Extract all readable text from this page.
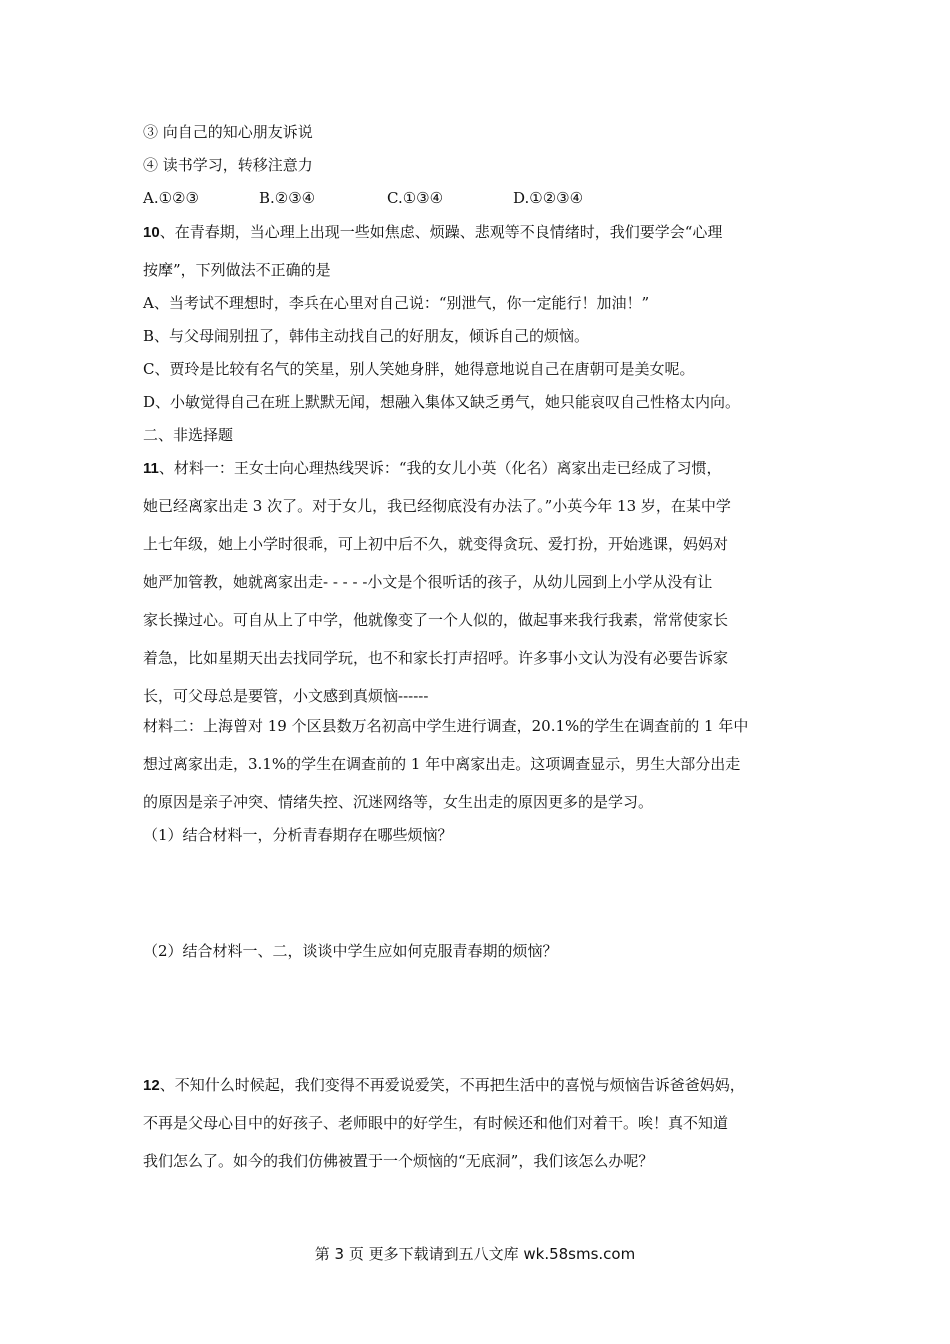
③ 向自己的知心朋友诉说

④ 读书学习，转移注意力

A.①②③	B.②③④	C.①③④	D.①②③④

10、在青春期，当心理上出现一些如焦虑、烦躁、悲观等不良情绪时，我们要学会“心理

按摩”，下列做法不正确的是

A、当考试不理想时，李兵在心里对自己说：“别泄气，你一定能行！加油！”

B、与父母闹别扭了，韩伟主动找自己的好朋友，倾诉自己的烦恼。

C、贾玲是比较有名气的笑星，别人笑她身胖，她得意地说自己在唐朝可是美女呢。

D、小敏觉得自己在班上默默无闻，想融入集体又缺乏勇气，她只能哀叹自己性格太内向。

二、非选择题

11、材料一：王女士向心理热线哭诉：“我的女儿小英（化名）离家出走已经成了习惯，

她已经离家出走 3 次了。对于女儿，我已经彻底没有办法了。”小英今年 13 岁，在某中学

上七年级，她上小学时很乖，可上初中后不久，就变得贪玩、爱打扮，开始逃课，妈妈对

她严加管教，她就离家出走- - - - -小文是个很听话的孩子，从幼儿园到上小学从没有让

家长操过心。可自从上了中学，他就像变了一个人似的，做起事来我行我素，常常使家长

着急，比如星期天出去找同学玩，也不和家长打声招呼。许多事小文认为没有必要告诉家

长，可父母总是要管，小文感到真烦恼------

材料二：上海曾对 19 个区县数万名初高中学生进行调查，20.1%的学生在调查前的 1 年中

想过离家出走，3.1%的学生在调查前的 1 年中离家出走。这项调查显示，男生大部分出走

的原因是亲子冲突、情绪失控、沉迷网络等，女生出走的原因更多的是学习。

（1）结合材料一，分析青春期存在哪些烦恼？

（2）结合材料一、二，谈谈中学生应如何克服青春期的烦恼？

12、不知什么时候起，我们变得不再爱说爱笑，不再把生活中的喜悦与烦恼告诉爸爸妈妈，

不再是父母心目中的好孩子、老师眼中的好学生，有时候还和他们对着干。唉！真不知道

我们怎么了。如今的我们仿佛被置于一个烦恼的“无底洞”，我们该怎么办呢？

第 3 页 更多下载请到五八文库 wk.58sms.com
